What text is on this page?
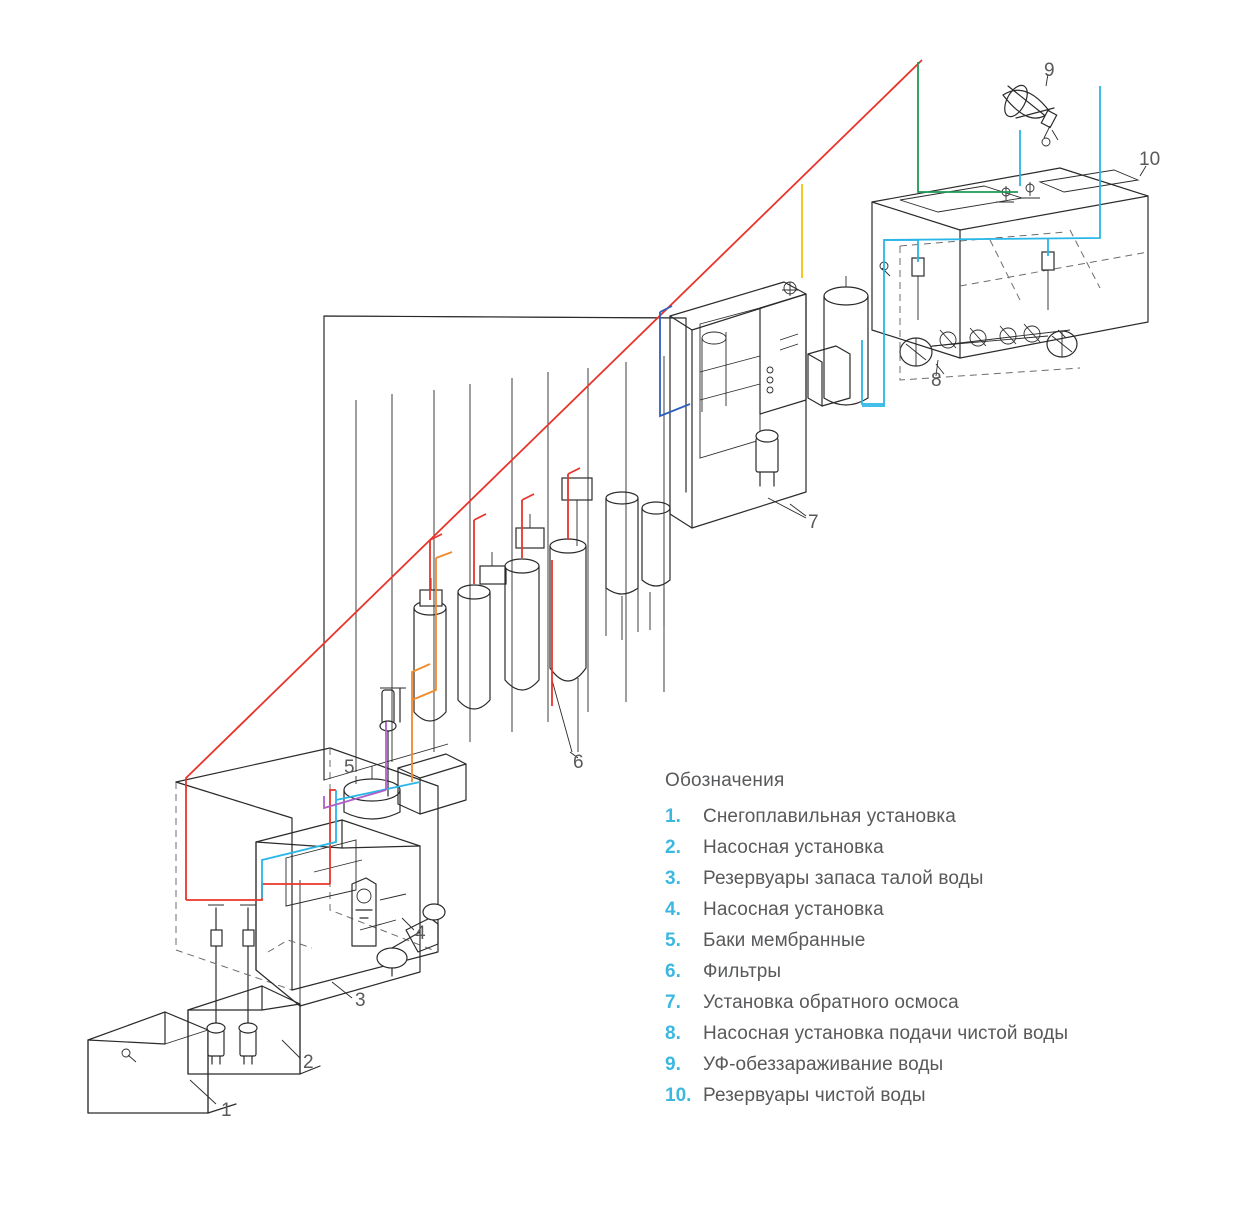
1
2
3
4
5	6
7
8
9
10
Обозначения
1.	Снегоплавильная установка
2.	Насосная установка
3.	Резервуары запаса талой воды
4.	Насосная установка
5.	Баки мембранные
6.	Фильтры
7.	Установка обратного осмоса
8.	Насосная установка подачи чистой воды
9.	УФ-обеззараживание воды
10. Резервуары чистой воды
